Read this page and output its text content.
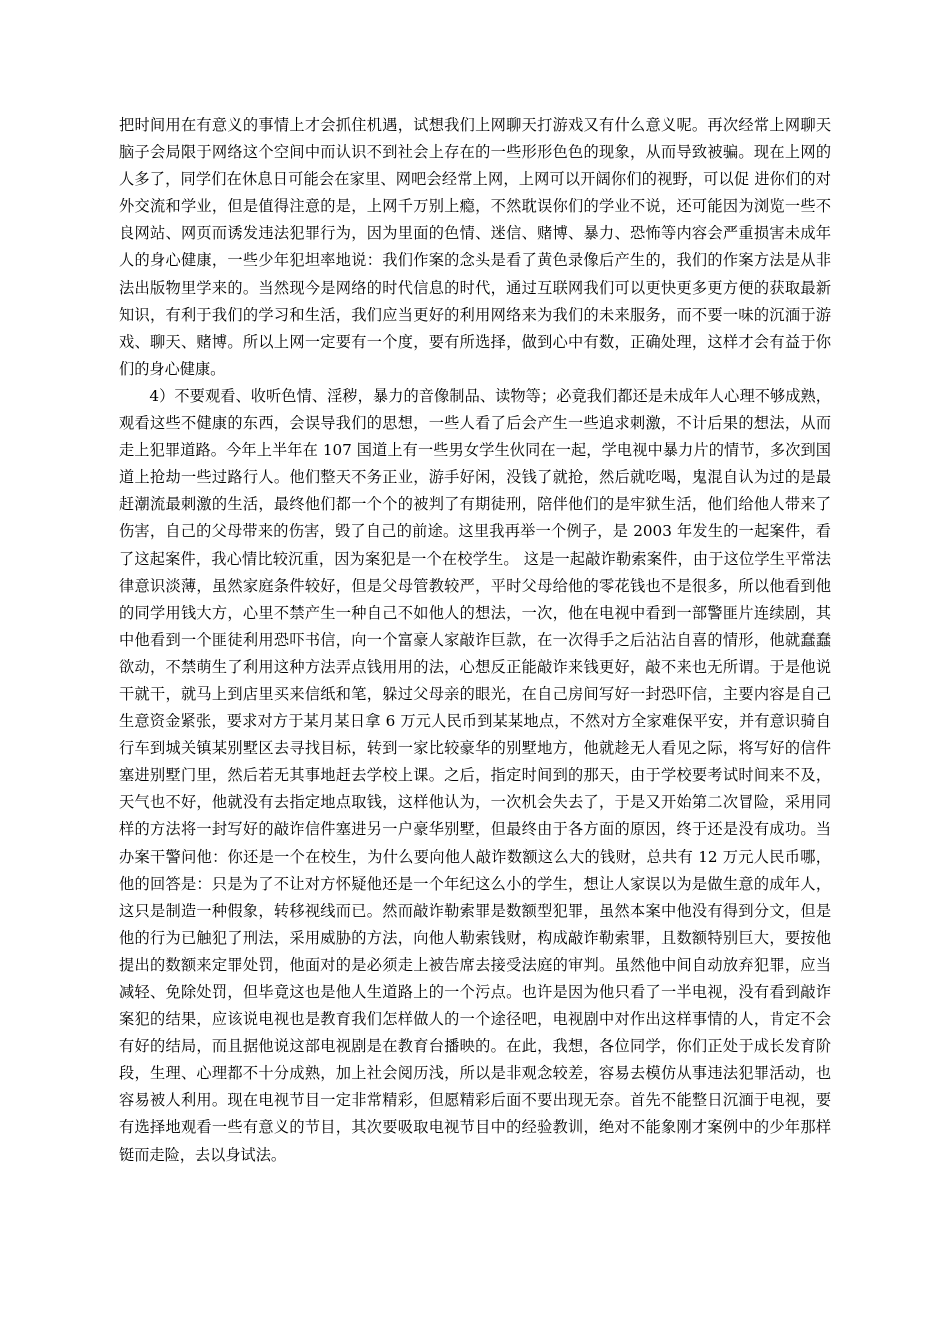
把时间用在有意义的事情上才会抓住机遇，试想我们上网聊天打游戏又有什么意义呢。再次经常上网聊天脑子会局限于网络这个空间中而认识不到社会上存在的一些形形色色的现象，从而导致被骗。现在上网的人多了，同学们在休息日可能会在家里、网吧会经常上网，上网可以开阔你们的视野，可以促 进你们的对外交流和学业，但是值得注意的是，上网千万别上瘾，不然耽误你们的学业不说，还可能因为浏览一些不良网站、网页而诱发违法犯罪行为，因为里面的色情、迷信、赌博、暴力、恐怖等内容会严重损害未成年人的身心健康，一些少年犯坦率地说：我们作案的念头是看了黄色录像后产生的，我们的作案方法是从非法出版物里学来的。当然现今是网络的时代信息的时代，通过互联网我们可以更快更多更方便的获取最新知识，有利于我们的学习和生活，我们应当更好的利用网络来为我们的未来服务，而不要一味的沉湎于游戏、聊天、赌博。所以上网一定要有一个度，要有所选择，做到心中有数，正确处理，这样才会有益于你们的身心健康。

4）不要观看、收听色情、淫秽，暴力的音像制品、读物等；必竟我们都还是未成年人心理不够成熟，观看这些不健康的东西，会误导我们的思想，一些人看了后会产生一些追求刺激，不计后果的想法，从而走上犯罪道路。今年上半年在 107 国道上有一些男女学生伙同在一起，学电视中暴力片的情节，多次到国道上抢劫一些过路行人。他们整天不务正业，游手好闲，没钱了就抢，然后就吃喝，鬼混自认为过的是最赶潮流最刺激的生活，最终他们都一个个的被判了有期徒刑，陪伴他们的是牢狱生活，他们给他人带来了伤害，自己的父母带来的伤害，毁了自己的前途。这里我再举一个例子，是 2003 年发生的一起案件，看了这起案件，我心情比较沉重，因为案犯是一个在校学生。 这是一起敲诈勒索案件，由于这位学生平常法律意识淡薄，虽然家庭条件较好，但是父母管教较严，平时父母给他的零花钱也不是很多，所以他看到他的同学用钱大方，心里不禁产生一种自己不如他人的想法，一次，他在电视中看到一部警匪片连续剧，其中他看到一个匪徒利用恐吓书信，向一个富豪人家敲诈巨款，在一次得手之后沾沾自喜的情形，他就蠢蠢欲动，不禁萌生了利用这种方法弄点钱用用的法，心想反正能敲诈来钱更好，敲不来也无所谓。于是他说干就干，就马上到店里买来信纸和笔，躲过父母亲的眼光，在自己房间写好一封恐吓信，主要内容是自己生意资金紧张，要求对方于某月某日拿 6 万元人民币到某某地点，不然对方全家难保平安，并有意识骑自行车到城关镇某别墅区去寻找目标，转到一家比较豪华的别墅地方，他就趁无人看见之际，将写好的信件塞进别墅门里，然后若无其事地赶去学校上课。之后，指定时间到的那天，由于学校要考试时间来不及，天气也不好，他就没有去指定地点取钱，这样他认为，一次机会失去了，于是又开始第二次冒险，采用同样的方法将一封写好的敲诈信件塞进另一户豪华别墅，但最终由于各方面的原因，终于还是没有成功。当办案干警问他：你还是一个在校生，为什么要向他人敲诈数额这么大的钱财，总共有 12 万元人民币哪，他的回答是：只是为了不让对方怀疑他还是一个年纪这么小的学生，想让人家误以为是做生意的成年人，这只是制造一种假象，转移视线而已。然而敲诈勒索罪是数额型犯罪，虽然本案中他没有得到分文，但是他的行为已触犯了刑法，采用威胁的方法，向他人勒索钱财，构成敲诈勒索罪，且数额特别巨大，要按他提出的数额来定罪处罚，他面对的是必须走上被告席去接受法庭的审判。虽然他中间自动放弃犯罪，应当减轻、免除处罚，但毕竟这也是他人生道路上的一个污点。也许是因为他只看了一半电视，没有看到敲诈案犯的结果，应该说电视也是教育我们怎样做人的一个途径吧，电视剧中对作出这样事情的人，肯定不会有好的结局，而且据他说这部电视剧是在教育台播映的。在此，我想，各位同学，你们正处于成长发育阶段，生理、心理都不十分成熟，加上社会阅历浅，所以是非观念较差，容易去模仿从事违法犯罪活动，也容易被人利用。现在电视节目一定非常精彩，但愿精彩后面不要出现无奈。首先不能整日沉湎于电视，要有选择地观看一些有意义的节目，其次要吸取电视节目中的经验教训，绝对不能象刚才案例中的少年那样铤而走险，去以身试法。
